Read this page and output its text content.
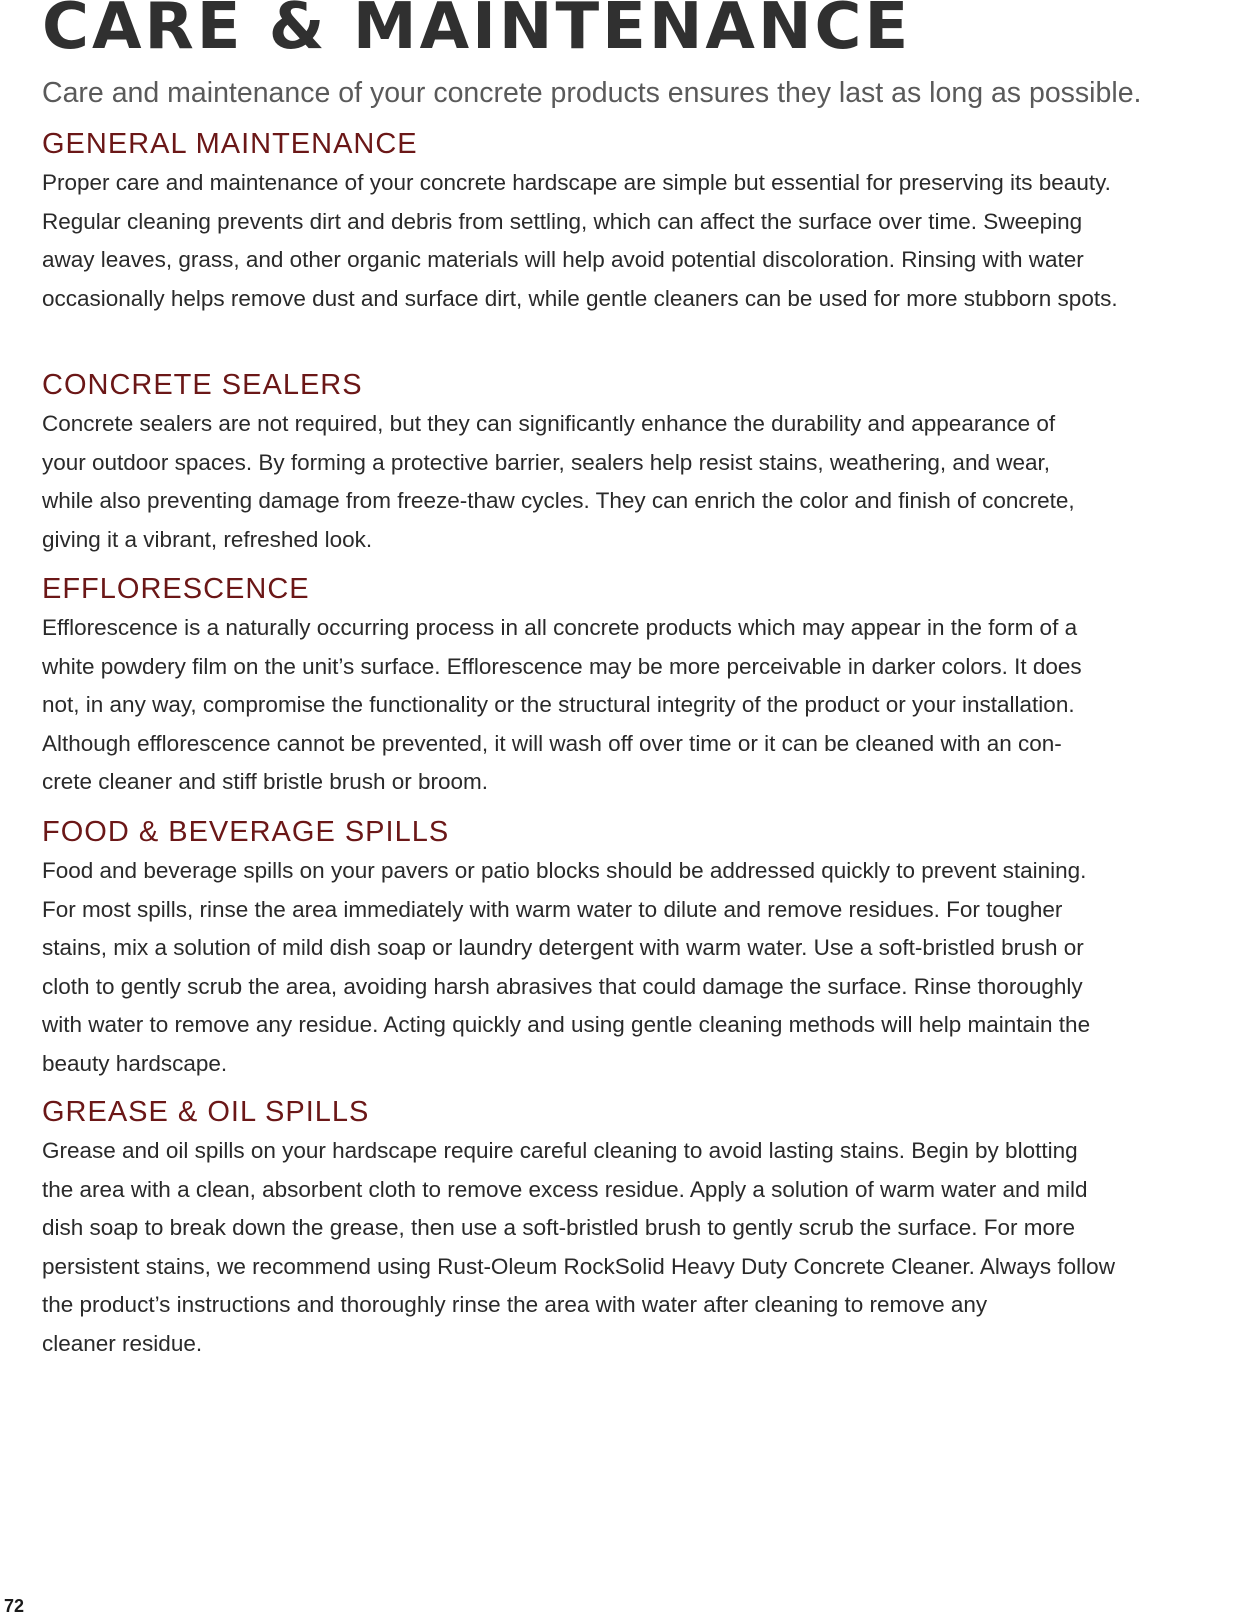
CARE & MAINTENANCE
Care and maintenance of your concrete products ensures they last as long as possible.
GENERAL MAINTENANCE

Proper care and maintenance of your concrete hardscape are simple but essential for preserving its beauty.
Regular cleaning prevents dirt and debris from settling, which can affect the surface over time. Sweeping
away leaves, grass, and other organic materials will help avoid potential discoloration. Rinsing with water
occasionally helps remove dust and surface dirt, while gentle cleaners can be used for more stubborn spots.

CONCRETE SEALERS

Concrete sealers are not required, but they can significantly enhance the durability and appearance of
your outdoor spaces. By forming a protective barrier, sealers help resist stains, weathering, and wear,
while also preventing damage from freeze-thaw cycles. They can enrich the color and finish of concrete,
giving it a vibrant, refreshed look.

EFFLORESCENCE

Efflorescence is a naturally occurring process in all concrete products which may appear in the form of a
white powdery film on the unit’s surface. Efflorescence may be more perceivable in darker colors. It does
not, in any way, compromise the functionality or the structural integrity of the product or your installation.
Although efflorescence cannot be prevented, it will wash off over time or it can be cleaned with an con-
crete cleaner and stiff bristle brush or broom.

FOOD & BEVERAGE SPILLS

Food and beverage spills on your pavers or patio blocks should be addressed quickly to prevent staining.
For most spills, rinse the area immediately with warm water to dilute and remove residues. For tougher
stains, mix a solution of mild dish soap or laundry detergent with warm water. Use a soft-bristled brush or
cloth to gently scrub the area, avoiding harsh abrasives that could damage the surface. Rinse thoroughly
with water to remove any residue. Acting quickly and using gentle cleaning methods will help maintain the
beauty hardscape.

GREASE & OIL SPILLS

Grease and oil spills on your hardscape require careful cleaning to avoid lasting stains. Begin by blotting
the area with a clean, absorbent cloth to remove excess residue. Apply a solution of warm water and mild
dish soap to break down the grease, then use a soft-bristled brush to gently scrub the surface. For more
persistent stains, we recommend using Rust-Oleum RockSolid Heavy Duty Concrete Cleaner. Always follow
the product’s instructions and thoroughly rinse the area with water after cleaning to remove any
cleaner residue.

72
